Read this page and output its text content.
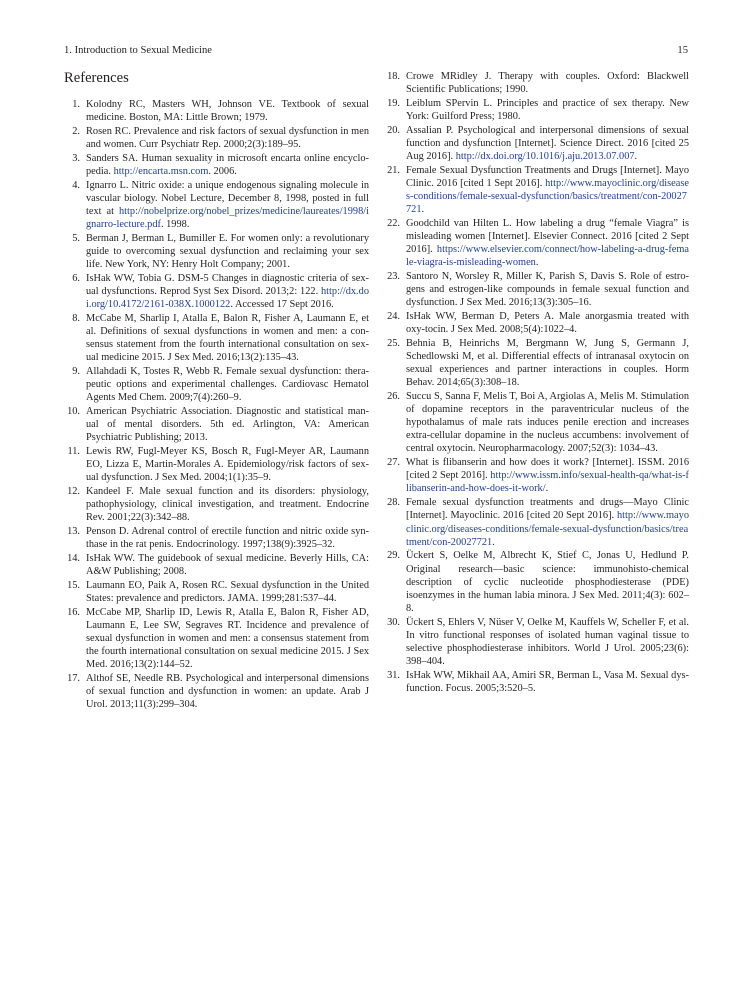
1. Introduction to Sexual Medicine	15
References
1. Kolodny RC, Masters WH, Johnson VE. Textbook of sexual medicine. Boston, MA: Little Brown; 1979.
2. Rosen RC. Prevalence and risk factors of sexual dysfunction in men and women. Curr Psychiatr Rep. 2000;2(3):189–95.
3. Sanders SA. Human sexuality in microsoft encarta online encyclo-pedia. http://encarta.msn.com. 2006.
4. Ignarro L. Nitric oxide: a unique endogenous signaling molecule in vascular biology. Nobel Lecture, December 8, 1998, posted in full text at http://nobelprize.org/nobel_prizes/medicine/laureates/1998/ignarro-lecture.pdf. 1998.
5. Berman J, Berman L, Bumiller E. For women only: a revolutionary guide to overcoming sexual dysfunction and reclaiming your sex life. New York, NY: Henry Holt Company; 2001.
6. IsHak WW, Tobia G. DSM-5 Changes in diagnostic criteria of sex-ual dysfunctions. Reprod Syst Sex Disord. 2013;2: 122. http://dx.doi.org/10.4172/2161-038X.1000122. Accessed 17 Sept 2016.
8. McCabe M, Sharlip I, Atalla E, Balon R, Fisher A, Laumann E, et al. Definitions of sexual dysfunctions in women and men: a con-sensus statement from the fourth international consultation on sex-ual medicine 2015. J Sex Med. 2016;13(2):135–43.
9. Allahdadi K, Tostes R, Webb R. Female sexual dysfunction: thera-peutic options and experimental challenges. Cardiovasc Hematol Agents Med Chem. 2009;7(4):260–9.
10. American Psychiatric Association. Diagnostic and statistical man-ual of mental disorders. 5th ed. Arlington, VA: American Psychiatric Publishing; 2013.
11. Lewis RW, Fugl-Meyer KS, Bosch R, Fugl-Meyer AR, Laumann EO, Lizza E, Martin-Morales A. Epidemiology/risk factors of sex-ual dysfunction. J Sex Med. 2004;1(1):35–9.
12. Kandeel F. Male sexual function and its disorders: physiology, pathophysiology, clinical investigation, and treatment. Endocrine Rev. 2001;22(3):342–88.
13. Penson D. Adrenal control of erectile function and nitric oxide syn-thase in the rat penis. Endocrinology. 1997;138(9):3925–32.
14. IsHak WW. The guidebook of sexual medicine. Beverly Hills, CA: A&W Publishing; 2008.
15. Laumann EO, Paik A, Rosen RC. Sexual dysfunction in the United States: prevalence and predictors. JAMA. 1999;281:537–44.
16. McCabe MP, Sharlip ID, Lewis R, Atalla E, Balon R, Fisher AD, Laumann E, Lee SW, Segraves RT. Incidence and prevalence of sexual dysfunction in women and men: a consensus statement from the fourth international consultation on sexual medicine 2015. J Sex Med. 2016;13(2):144–52.
17. Althof SE, Needle RB. Psychological and interpersonal dimensions of sexual function and dysfunction in women: an update. Arab J Urol. 2013;11(3):299–304.
18. Crowe MRidley J. Therapy with couples. Oxford: Blackwell Scientific Publications; 1990.
19. Leiblum SPervin L. Principles and practice of sex therapy. New York: Guilford Press; 1980.
20. Assalian P. Psychological and interpersonal dimensions of sexual function and dysfunction [Internet]. Science Direct. 2016 [cited 25 Aug 2016]. http://dx.doi.org/10.1016/j.aju.2013.07.007.
21. Female Sexual Dysfunction Treatments and Drugs [Internet]. Mayo Clinic. 2016 [cited 1 Sept 2016]. http://www.mayoclinic.org/diseases-conditions/female-sexual-dysfunction/basics/treatment/con-20027721.
22. Goodchild van Hilten L. How labeling a drug “female Viagra” is misleading women [Internet]. Elsevier Connect. 2016 [cited 2 Sept 2016]. https://www.elsevier.com/connect/how-labeling-a-drug-female-viagra-is-misleading-women.
23. Santoro N, Worsley R, Miller K, Parish S, Davis S. Role of estro-gens and estrogen-like compounds in female sexual function and dysfunction. J Sex Med. 2016;13(3):305–16.
24. IsHak WW, Berman D, Peters A. Male anorgasmia treated with oxy-tocin. J Sex Med. 2008;5(4):1022–4.
25. Behnia B, Heinrichs M, Bergmann W, Jung S, Germann J, Schedlowski M, et al. Differential effects of intranasal oxytocin on sexual experiences and partner interactions in couples. Horm Behav. 2014;65(3):308–18.
26. Succu S, Sanna F, Melis T, Boi A, Argiolas A, Melis M. Stimulation of dopamine receptors in the paraventricular nucleus of the hypothalamus of male rats induces penile erection and increases extra-cellular dopamine in the nucleus accumbens: involvement of central oxytocin. Neuropharmacology. 2007;52(3): 1034–43.
27. What is flibanserin and how does it work? [Internet]. ISSM. 2016 [cited 2 Sept 2016]. http://www.issm.info/sexual-health-qa/what-is-flibanserin-and-how-does-it-work/.
28. Female sexual dysfunction treatments and drugs—Mayo Clinic [Internet]. Mayoclinic. 2016 [cited 20 Sept 2016]. http://www.mayoclinic.org/diseases-conditions/female-sexual-dysfunction/basics/treatment/con-20027721.
29. Ückert S, Oelke M, Albrecht K, Stief C, Jonas U, Hedlund P. Original research—basic science: immunohisto-chemical description of cyclic nucleotide phosphodiesterase (PDE) isoenzymes in the human labia minora. J Sex Med. 2011;4(3): 602–8.
30. Ückert S, Ehlers V, Nüser V, Oelke M, Kauffels W, Scheller F, et al. In vitro functional responses of isolated human vaginal tissue to selective phosphodiesterase inhibitors. World J Urol. 2005;23(6): 398–404.
31. IsHak WW, Mikhail AA, Amiri SR, Berman L, Vasa M. Sexual dys-function. Focus. 2005;3:520–5.
